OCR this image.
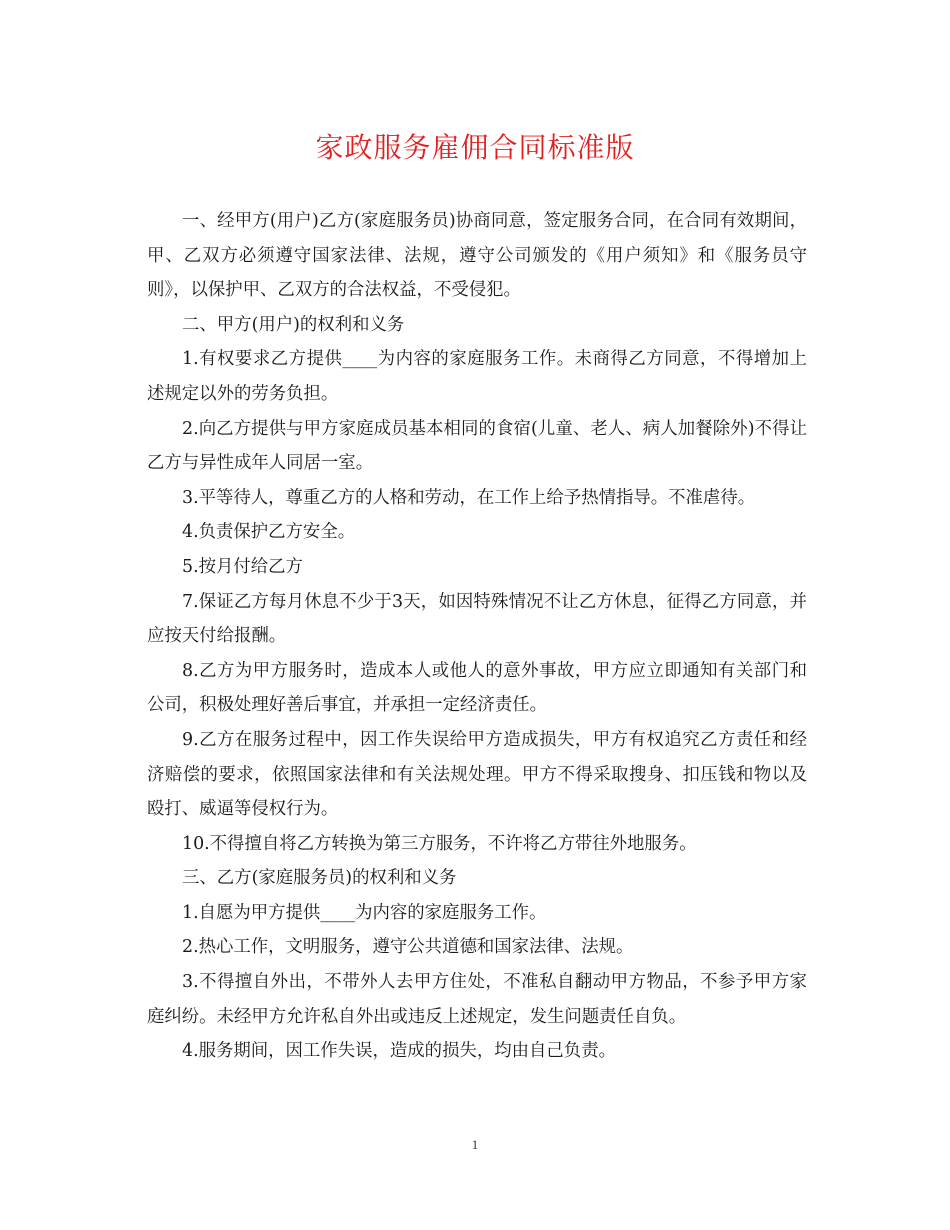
家政服务雇佣合同标准版

一、经甲方(用户)乙方(家庭服务员)协商同意，签定服务合同，在合同有效期间，甲、乙双方必须遵守国家法律、法规，遵守公司颁发的《用户须知》和《服务员守则》，以保护甲、乙双方的合法权益，不受侵犯。

二、甲方(用户)的权利和义务

1.有权要求乙方提供____为内容的家庭服务工作。未商得乙方同意，不得增加上述规定以外的劳务负担。

2.向乙方提供与甲方家庭成员基本相同的食宿(儿童、老人、病人加餐除外)不得让乙方与异性成年人同居一室。

3.平等待人，尊重乙方的人格和劳动，在工作上给予热情指导。不准虐待。

4.负责保护乙方安全。

5.按月付给乙方

7.保证乙方每月休息不少于3天，如因特殊情况不让乙方休息，征得乙方同意，并应按天付给报酬。

8.乙方为甲方服务时，造成本人或他人的意外事故，甲方应立即通知有关部门和公司，积极处理好善后事宜，并承担一定经济责任。

9.乙方在服务过程中，因工作失误给甲方造成损失，甲方有权追究乙方责任和经济赔偿的要求，依照国家法律和有关法规处理。甲方不得采取搜身、扣压钱和物以及殴打、威逼等侵权行为。

10.不得擅自将乙方转换为第三方服务，不许将乙方带往外地服务。

三、乙方(家庭服务员)的权利和义务

1.自愿为甲方提供____为内容的家庭服务工作。

2.热心工作，文明服务，遵守公共道德和国家法律、法规。

3.不得擅自外出，不带外人去甲方住处，不准私自翻动甲方物品，不参予甲方家庭纠纷。未经甲方允许私自外出或违反上述规定，发生问题责任自负。

4.服务期间，因工作失误，造成的损失，均由自己负责。

1
